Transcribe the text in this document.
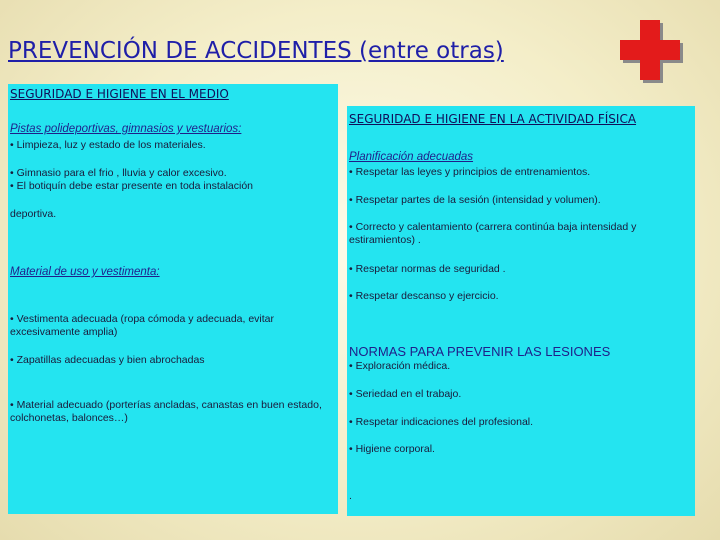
PREVENCIÓN DE ACCIDENTES (entre otras)
SEGURIDAD E HIGIENE EN EL MEDIO
Pistas polideportivas, gimnasios y vestuarios:
• Limpieza, luz y estado de los materiales.
• Gimnasio para el frio , lluvia y calor excesivo.
• El botiquín debe estar presente en toda instalación
deportiva.
Material de uso y vestimenta:
• Vestimenta adecuada (ropa cómoda y adecuada, evitar excesivamente amplia)
• Zapatillas adecuadas y bien abrochadas
• Material adecuado (porterías ancladas, canastas en buen estado, colchonetas, balonces…)
SEGURIDAD E HIGIENE EN LA ACTIVIDAD FÍSICA
Planificación adecuadas
• Respetar las leyes y principios de entrenamientos.
• Respetar partes de la sesión (intensidad y volumen).
• Correcto y calentamiento (carrera continúa baja intensidad y estiramientos) .
• Respetar normas de seguridad .
• Respetar descanso y ejercicio.
NORMAS PARA PREVENIR LAS LESIONES
• Exploración médica.
• Seriedad en el trabajo.
• Respetar indicaciones del profesional.
• Higiene corporal.
.
